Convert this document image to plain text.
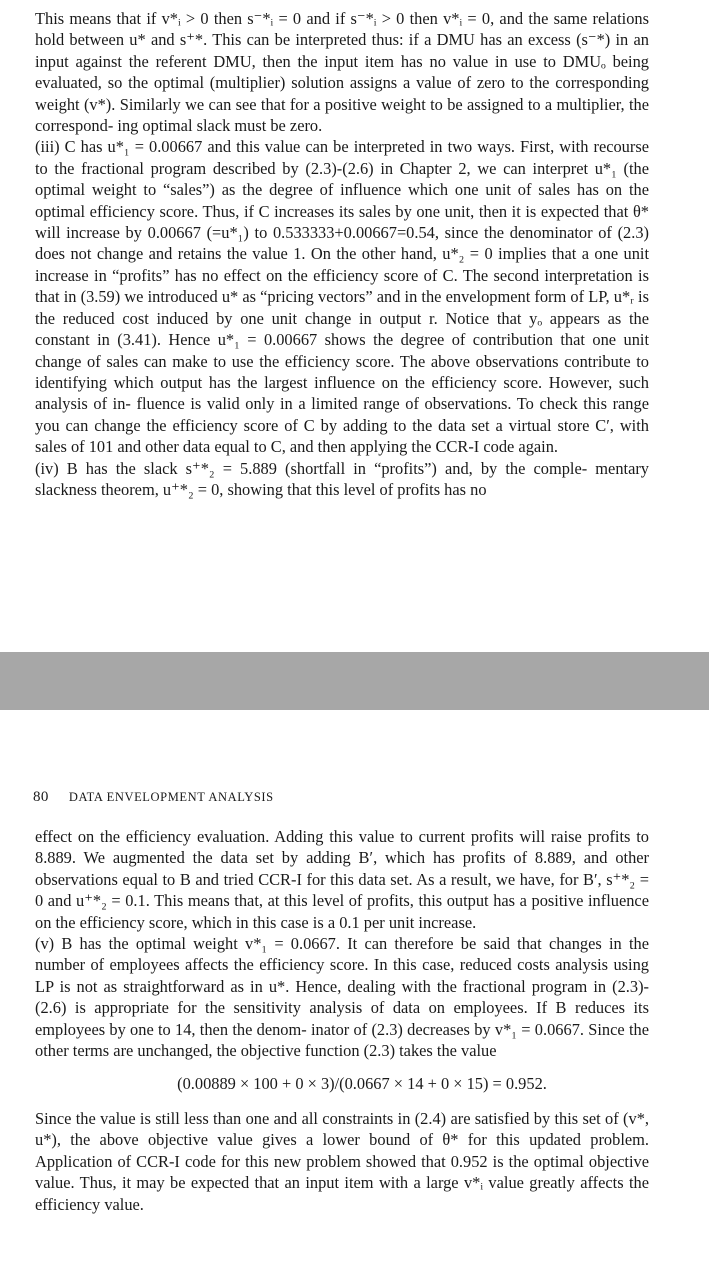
This means that if v*ᵢ > 0 then s⁻*ᵢ = 0 and if s⁻*ᵢ > 0 then v*ᵢ = 0, and the same relations hold between u* and s⁺*. This can be interpreted thus: if a DMU has an excess (s⁻*) in an input against the referent DMU, then the input item has no value in use to DMUₒ being evaluated, so the optimal (multiplier) solution assigns a value of zero to the corresponding weight (v*). Similarly we can see that for a positive weight to be assigned to a multiplier, the correspond- ing optimal slack must be zero.

(iii) C has u*₁ = 0.00667 and this value can be interpreted in two ways. First, with recourse to the fractional program described by (2.3)-(2.6) in Chapter 2, we can interpret u*₁ (the optimal weight to “sales”) as the degree of influence which one unit of sales has on the optimal efficiency score. Thus, if C increases its sales by one unit, then it is expected that θ* will increase by 0.00667 (=u*₁) to 0.533333+0.00667=0.54, since the denominator of (2.3) does not change and retains the value 1. On the other hand, u*₂ = 0 implies that a one unit increase in “profits” has no effect on the efficiency score of C. The second interpretation is that in (3.59) we introduced u* as “pricing vectors” and in the envelopment form of LP, u*ᵣ is the reduced cost induced by one unit change in output r. Notice that yₒ appears as the constant in (3.41). Hence u*₁ = 0.00667 shows the degree of contribution that one unit change of sales can make to use the efficiency score. The above observations contribute to identifying which output has the largest influence on the efficiency score. However, such analysis of in- fluence is valid only in a limited range of observations. To check this range you can change the efficiency score of C by adding to the data set a virtual store C′, with sales of 101 and other data equal to C, and then applying the CCR-I code again.

(iv) B has the slack s⁺*₂ = 5.889 (shortfall in “profits”) and, by the comple- mentary slackness theorem, u⁺*₂ = 0, showing that this level of profits has no

80 DATA ENVELOPMENT ANALYSIS

effect on the efficiency evaluation. Adding this value to current profits will raise profits to 8.889. We augmented the data set by adding B′, which has profits of 8.889, and other observations equal to B and tried CCR-I for this data set. As a result, we have, for B′, s⁺*₂ = 0 and u⁺*₂ = 0.1. This means that, at this level of profits, this output has a positive influence on the efficiency score, which in this case is a 0.1 per unit increase.

(v) B has the optimal weight v*₁ = 0.0667. It can therefore be said that changes in the number of employees affects the efficiency score. In this case, reduced costs analysis using LP is not as straightforward as in u*. Hence, dealing with the fractional program in (2.3)-(2.6) is appropriate for the sensitivity analysis of data on employees. If B reduces its employees by one to 14, then the denom- inator of (2.3) decreases by v*₁ = 0.0667. Since the other terms are unchanged, the objective function (2.3) takes the value

(0.00889 × 100 + 0 × 3)/(0.0667 × 14 + 0 × 15) = 0.952.

Since the value is still less than one and all constraints in (2.4) are satisfied by this set of (v*, u*), the above objective value gives a lower bound of θ* for this updated problem. Application of CCR-I code for this new problem showed that 0.952 is the optimal objective value. Thus, it may be expected that an input item with a large v*ᵢ value greatly affects the efficiency value.
